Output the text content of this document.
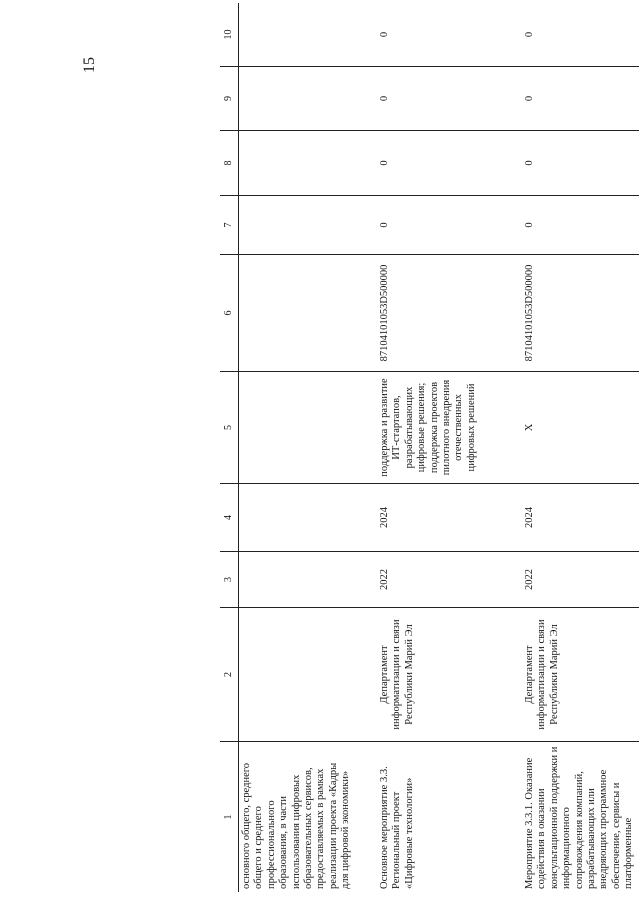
15
1	2	3	4	5	6	7	8	9	10
основного общего, среднего общего и среднего профессионального образования, в части использования цифровых образовательных сервисов, предоставляемых в рамках реализации проекта «Кадры для цифровой экономики»									
Основное мероприятие 3.3. Региональный проект «Цифровые технологии»	Департамент информатизации и связи Республики Марий Эл	2022	2024	поддержка и развитие ИТ-стартапов, разрабатывающих цифровые решения; поддержка проектов пилотного внедрения отечественных цифровых решений	87104101053D500000	0	0	0	0
Мероприятие 3.3.1. Оказание содействия в оказании консультационной поддержки и информационного сопровождения компаний, разрабатывающих или внедряющих программное обеспечение, сервисы и платформенные	Департамент информатизации и связи Республики Марий Эл	2022	2024	Х	87104101053D500000	0	0	0	0
